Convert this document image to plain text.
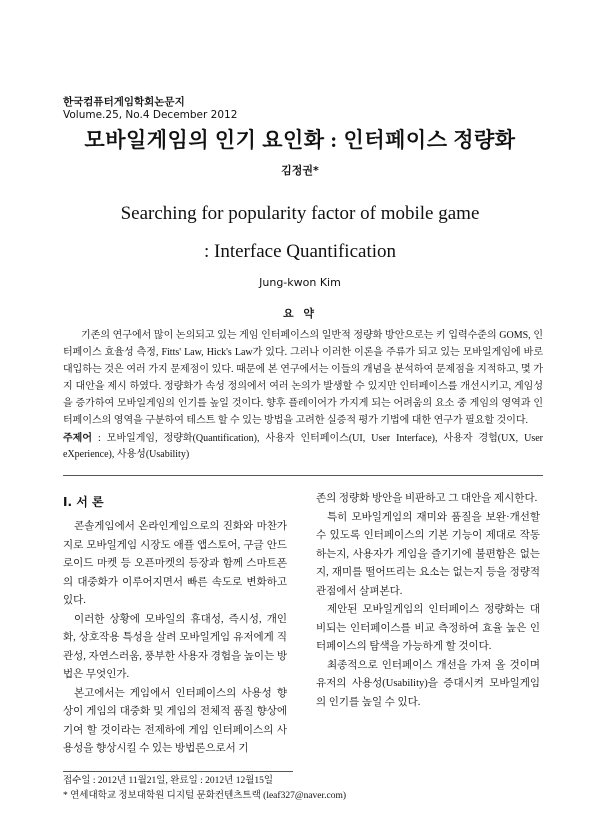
한국컴퓨터게임학회논문지
Volume.25, No.4 December 2012
모바일게임의 인기 요인화 : 인터페이스 정량화
김정권*
Searching for popularity factor of mobile game
: Interface Quantification
Jung-kwon Kim
요 약

기존의 연구에서 많이 논의되고 있는 게임 인터페이스의 일반적 정량화 방안으로는 키 입력수준의 GOMS, 인터페이스 효율성 측정, Fitts' Law, Hick's Law가 있다. 그러나 이러한 이론을 주류가 되고 있는 모바일게임에 바로 대입하는 것은 여러 가지 문제점이 있다. 때문에 본 연구에서는 이들의 개념을 분석하여 문제점을 지적하고, 몇 가지 대안을 제시 하였다. 정량화가 속성 정의에서 여러 논의가 발생할 수 있지만 인터페이스를 개선시키고, 게임성을 증가하여 모바일게임의 인기를 높일 것이다. 향후 플레이어가 가지게 되는 어려움의 요소 중 게임의 영역과 인터페이스의 영역을 구분하여 테스트 할 수 있는 방법을 고려한 실증적 평가 기법에 대한 연구가 필요할 것이다.

주제어 : 모바일게임, 정량화(Quantification), 사용자 인터페이스(UI, User Interface), 사용자 경험(UX, User eXperience), 사용성(Usability)

Ⅰ. 서 론

콘솔게임에서 온라인게임으로의 진화와 마찬가지로 모바일게임 시장도 애플 앱스토어, 구글 안드로이드 마켓 등 오픈마켓의 등장과 함께 스마트폰의 대중화가 이루어지면서 빠른 속도로 변화하고 있다.

이러한 상황에 모바일의 휴대성, 즉시성, 개인화, 상호작용 특성을 살려 모바일게임 유저에게 직관성, 자연스러움, 풍부한 사용자 경험을 높이는 방법은 무엇인가.

본고에서는 게임에서 인터페이스의 사용성 향상이 게임의 대중화 및 게임의 전체적 품질 향상에 기여 할 것이라는 전제하에 게임 인터페이스의 사용성을 향상시킬 수 있는 방법론으로서 기

존의 정량화 방안을 비판하고 그 대안을 제시한다.

특히 모바일게임의 재미와 품질을 보완·개선할 수 있도록 인터페이스의 기본 기능이 제대로 작동하는지, 사용자가 게임을 즐기기에 불편함은 없는지, 재미를 떨어뜨리는 요소는 없는지 등을 정량적 관점에서 살펴본다.

제안된 모바일게임의 인터페이스 정량화는 대비되는 인터페이스를 비교 측정하여 효율 높은 인터페이스의 탐색을 가능하게 할 것이다.

최종적으로 인터페이스 개선을 가져 올 것이며 유저의 사용성(Usability)을 증대시켜 모바일게임의 인기를 높일 수 있다.

접수일 : 2012년 11월21일, 완료일 : 2012년 12월15일
* 연세대학교 정보대학원 디지털 문화컨텐츠트랙 (leaf327@naver.com)
